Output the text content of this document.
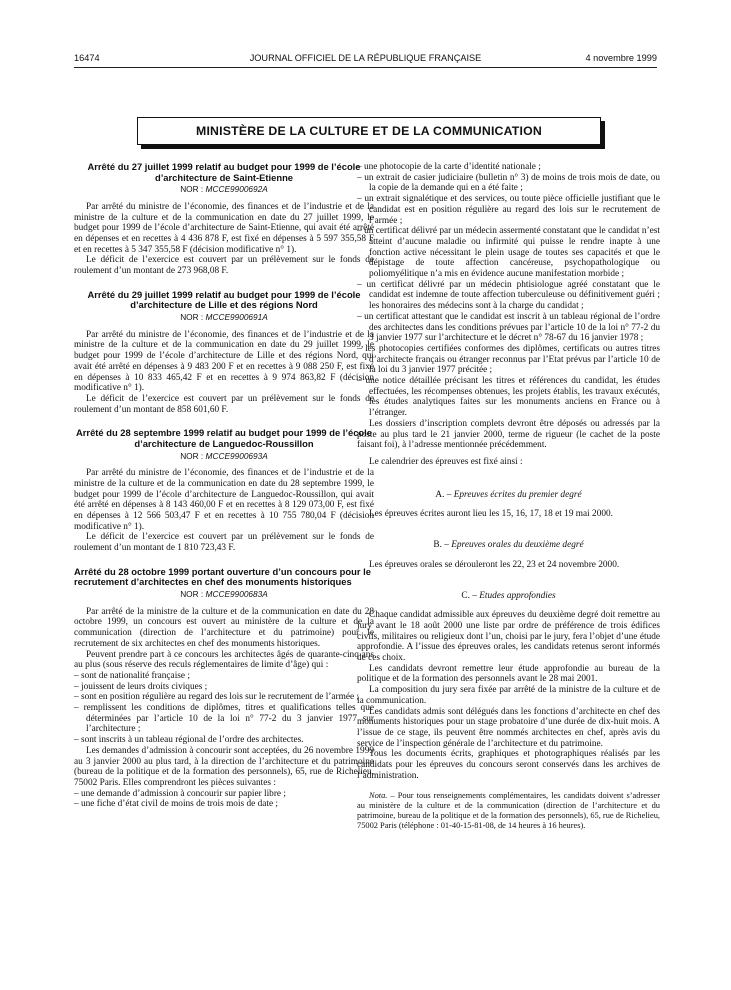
16474	JOURNAL OFFICIEL DE LA RÉPUBLIQUE FRANÇAISE	4 novembre 1999
MINISTÈRE DE LA CULTURE ET DE LA COMMUNICATION
Arrêté du 27 juillet 1999 relatif au budget pour 1999 de l’école d’architecture de Saint-Etienne
NOR : MCCE9900692A

Par arrêté du ministre de l’économie, des finances et de l’industrie et de la ministre de la culture et de la communication en date du 27 juillet 1999, le budget pour 1999 de l’école d’architecture de Saint-Etienne, qui avait été arrêté en dépenses et en recettes à 4 436 878 F, est fixé en dépenses à 5 597 355,58 F et en recettes à 5 347 355,58 F (décision modificative n° 1).

Le déficit de l’exercice est couvert par un prélèvement sur le fonds de roulement d’un montant de 273 968,08 F.

Arrêté du 29 juillet 1999 relatif au budget pour 1999 de l’école d’architecture de Lille et des régions Nord
NOR : MCCE9900691A

Par arrêté du ministre de l’économie, des finances et de l’industrie et de la ministre de la culture et de la communication en date du 29 juillet 1999, le budget pour 1999 de l’école d’architecture de Lille et des régions Nord, qui avait été arrêté en dépenses à 9 483 200 F et en recettes à 9 088 250 F, est fixé en dépenses à 10 833 465,42 F et en recettes à 9 974 863,82 F (décision modificative n° 1).

Le déficit de l’exercice est couvert par un prélèvement sur le fonds de roulement d’un montant de 858 601,60 F.

Arrêté du 28 septembre 1999 relatif au budget pour 1999 de l’école d’architecture de Languedoc-Roussillon
NOR : MCCE9900693A

Par arrêté du ministre de l’économie, des finances et de l’industrie et de la ministre de la culture et de la communication en date du 28 septembre 1999, le budget pour 1999 de l’école d’architecture de Languedoc-Roussillon, qui avait été arrêté en dépenses à 8 143 460,00 F et en recettes à 8 129 073,00 F, est fixé en dépenses à 12 566 503,47 F et en recettes à 10 755 780,04 F (décision modificative n° 1).

Le déficit de l’exercice est couvert par un prélèvement sur le fonds de roulement d’un montant de 1 810 723,43 F.

Arrêté du 28 octobre 1999 portant ouverture d’un concours pour le recrutement d’architectes en chef des monuments historiques
NOR : MCCE9900683A

Par arrêté de la ministre de la culture et de la communication en date du 28 octobre 1999, un concours est ouvert au ministère de la culture et de la communication (direction de l’architecture et du patrimoine) pour le recrutement de six architectes en chef des monuments historiques.

Peuvent prendre part à ce concours les architectes âgés de quarante-cinq ans au plus (sous réserve des reculs réglementaires de limite d’âge) qui :

– sont de nationalité française ;
– jouissent de leurs droits civiques ;
– sont en position régulière au regard des lois sur le recrutement de l’armée ;
– remplissent les conditions de diplômes, titres et qualifications telles que déterminées par l’article 10 de la loi n° 77-2 du 3 janvier 1977 sur l’architecture ;
– sont inscrits à un tableau régional de l’ordre des architectes.

Les demandes d’admission à concourir sont acceptées, du 26 novembre 1999 au 3 janvier 2000 au plus tard, à la direction de l’architecture et du patrimoine (bureau de la politique et de la formation des personnels), 65, rue de Richelieu, 75002 Paris. Elles comprendront les pièces suivantes :

– une demande d’admission à concourir sur papier libre ;
– une fiche d’état civil de moins de trois mois de date ;
– une photocopie de la carte d’identité nationale ;
– un extrait de casier judiciaire (bulletin n° 3) de moins de trois mois de date, ou la copie de la demande qui en a été faite ;
– un extrait signalétique et des services, ou toute pièce officielle justifiant que le candidat est en position régulière au regard des lois sur le recrutement de l’armée ;
– un certificat délivré par un médecin assermenté constatant que le candidat n’est atteint d’aucune maladie ou infirmité qui puisse le rendre inapte à une fonction active nécessitant le plein usage de toutes ses capacités et que le dépistage de toute affection cancéreuse, psychopathologique ou poliomyélitique n’a mis en évidence aucune manifestation morbide ;
– un certificat délivré par un médecin phtisiologue agréé constatant que le candidat est indemne de toute affection tuberculeuse ou définitivement guéri ; les honoraires des médecins sont à la charge du candidat ;
– un certificat attestant que le candidat est inscrit à un tableau régional de l’ordre des architectes dans les conditions prévues par l’article 10 de la loi n° 77-2 du 3 janvier 1977 sur l’architecture et le décret n° 78-67 du 16 janvier 1978 ;
– les photocopies certifiées conformes des diplômes, certificats ou autres titres d’architecte français ou étranger reconnus par l’Etat prévus par l’article 10 de la loi du 3 janvier 1977 précitée ;
– une notice détaillée précisant les titres et références du candidat, les études effectuées, les récompenses obtenues, les projets établis, les travaux exécutés, les études analytiques faites sur les monuments anciens en France ou à l’étranger.

Les dossiers d’inscription complets devront être déposés ou adressés par la poste au plus tard le 21 janvier 2000, terme de rigueur (le cachet de la poste faisant foi), à l’adresse mentionnée précédemment.

Le calendrier des épreuves est fixé ainsi :

A. – Epreuves écrites du premier degré

Les épreuves écrites auront lieu les 15, 16, 17, 18 et 19 mai 2000.

B. – Epreuves orales du deuxième degré

Les épreuves orales se dérouleront les 22, 23 et 24 novembre 2000.

C. – Etudes approfondies

Chaque candidat admissible aux épreuves du deuxième degré doit remettre au jury avant le 18 août 2000 une liste par ordre de préférence de trois édifices civils, militaires ou religieux dont l’un, choisi par le jury, fera l’objet d’une étude approfondie. A l’issue des épreuves orales, les candidats retenus seront informés de ces choix.

Les candidats devront remettre leur étude approfondie au bureau de la politique et de la formation des personnels avant le 28 mai 2001.

La composition du jury sera fixée par arrêté de la ministre de la culture et de la communication.

Les candidats admis sont délégués dans les fonctions d’architecte en chef des monuments historiques pour un stage probatoire d’une durée de dix-huit mois. A l’issue de ce stage, ils peuvent être nommés architectes en chef, après avis du service de l’inspection générale de l’architecture et du patrimoine.

Tous les documents écrits, graphiques et photographiques réalisés par les candidats pour les épreuves du concours seront conservés dans les archives de l’administration.

Nota. – Pour tous renseignements complémentaires, les candidats doivent s’adresser au ministère de la culture et de la communication (direction de l’architecture et du patrimoine, bureau de la politique et de la formation des personnels), 65, rue de Richelieu, 75002 Paris (téléphone : 01-40-15-81-08, de 14 heures à 16 heures).
